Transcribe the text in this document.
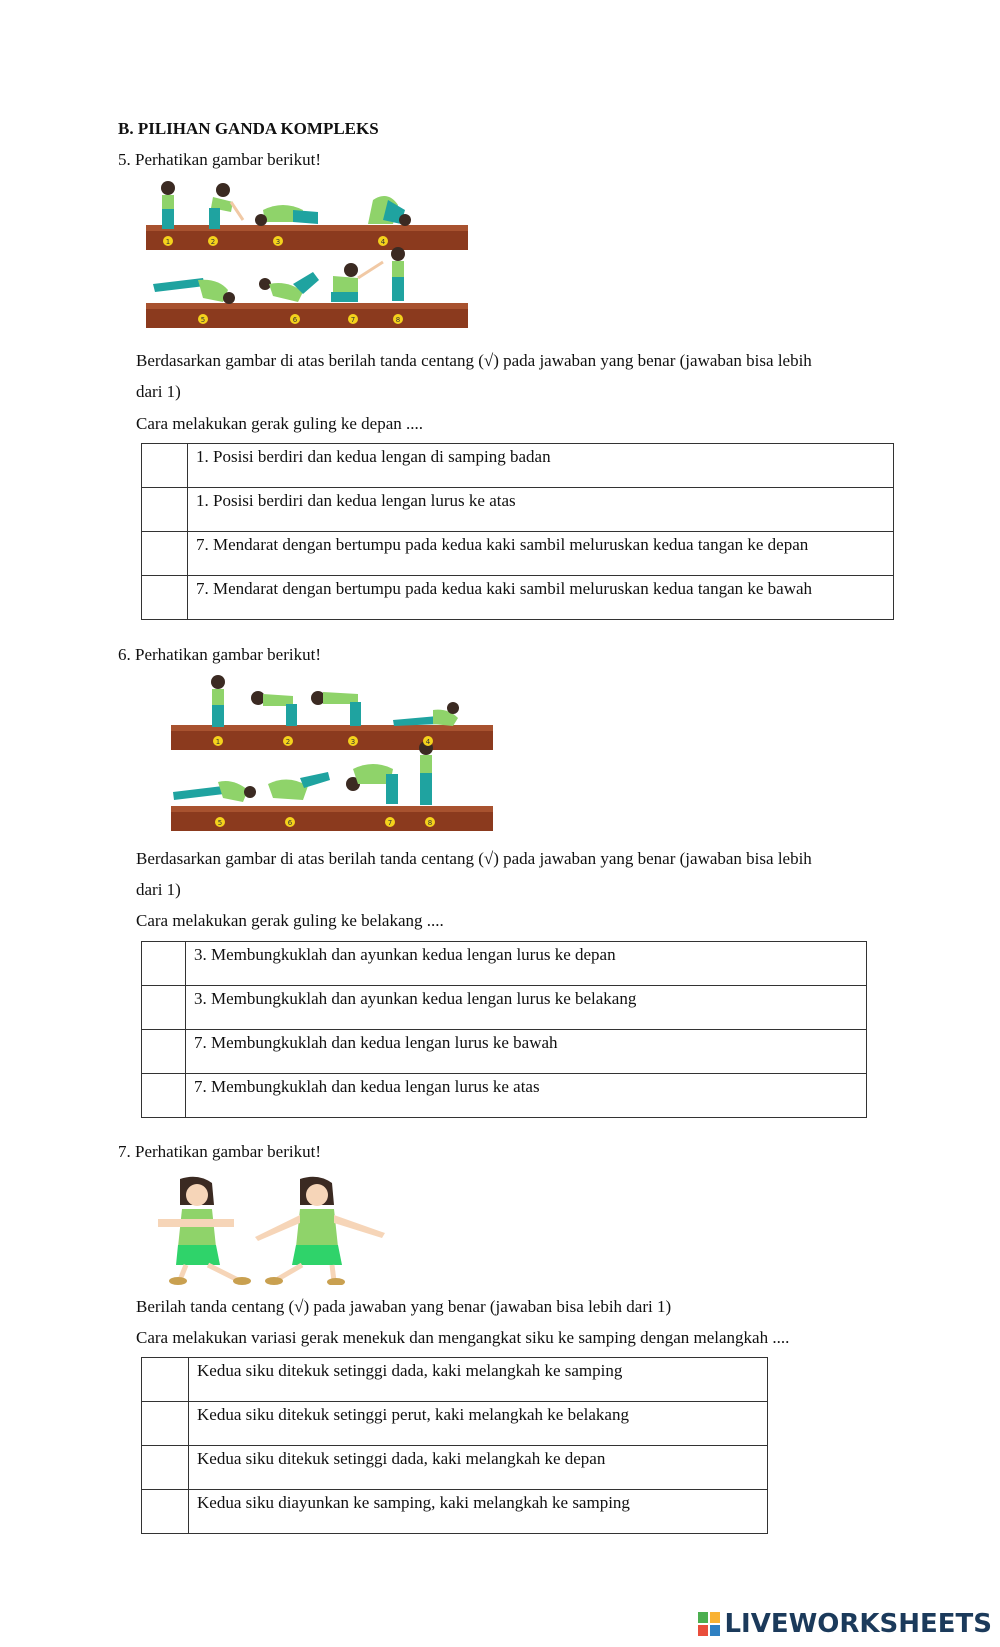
B. PILIHAN GANDA KOMPLEKS
5. Perhatikan gambar berikut!
1	2	3	4
5	6	7	8
Berdasarkan gambar di atas berilah tanda centang (√) pada jawaban yang benar (jawaban bisa lebih
dari 1)
Cara melakukan gerak guling ke depan ....
	1. Posisi berdiri dan kedua lengan di samping badan
	1. Posisi berdiri dan kedua lengan lurus ke atas
	7. Mendarat dengan bertumpu pada kedua kaki sambil meluruskan kedua tangan ke depan
	7. Mendarat dengan bertumpu pada kedua kaki sambil meluruskan kedua tangan ke bawah
6. Perhatikan gambar berikut!
1	2	3	4
5	6	7	8
Berdasarkan gambar di atas berilah tanda centang (√) pada jawaban yang benar (jawaban bisa lebih
dari 1)
Cara melakukan gerak guling ke belakang ....
	3. Membungkuklah dan ayunkan kedua lengan lurus ke depan
	3. Membungkuklah dan ayunkan kedua lengan lurus ke belakang
	7. Membungkuklah dan kedua lengan lurus ke bawah
	7. Membungkuklah dan kedua lengan lurus ke atas
7. Perhatikan gambar berikut!
Berilah tanda centang (√) pada jawaban yang benar (jawaban bisa lebih dari 1)
Cara melakukan variasi gerak menekuk dan mengangkat siku ke samping dengan melangkah ....
	Kedua siku ditekuk setinggi dada, kaki melangkah ke samping
	Kedua siku ditekuk setinggi perut, kaki melangkah ke belakang
	Kedua siku ditekuk setinggi dada, kaki melangkah ke depan
	Kedua siku diayunkan ke samping, kaki melangkah ke samping
LIVEWORKSHEETS
